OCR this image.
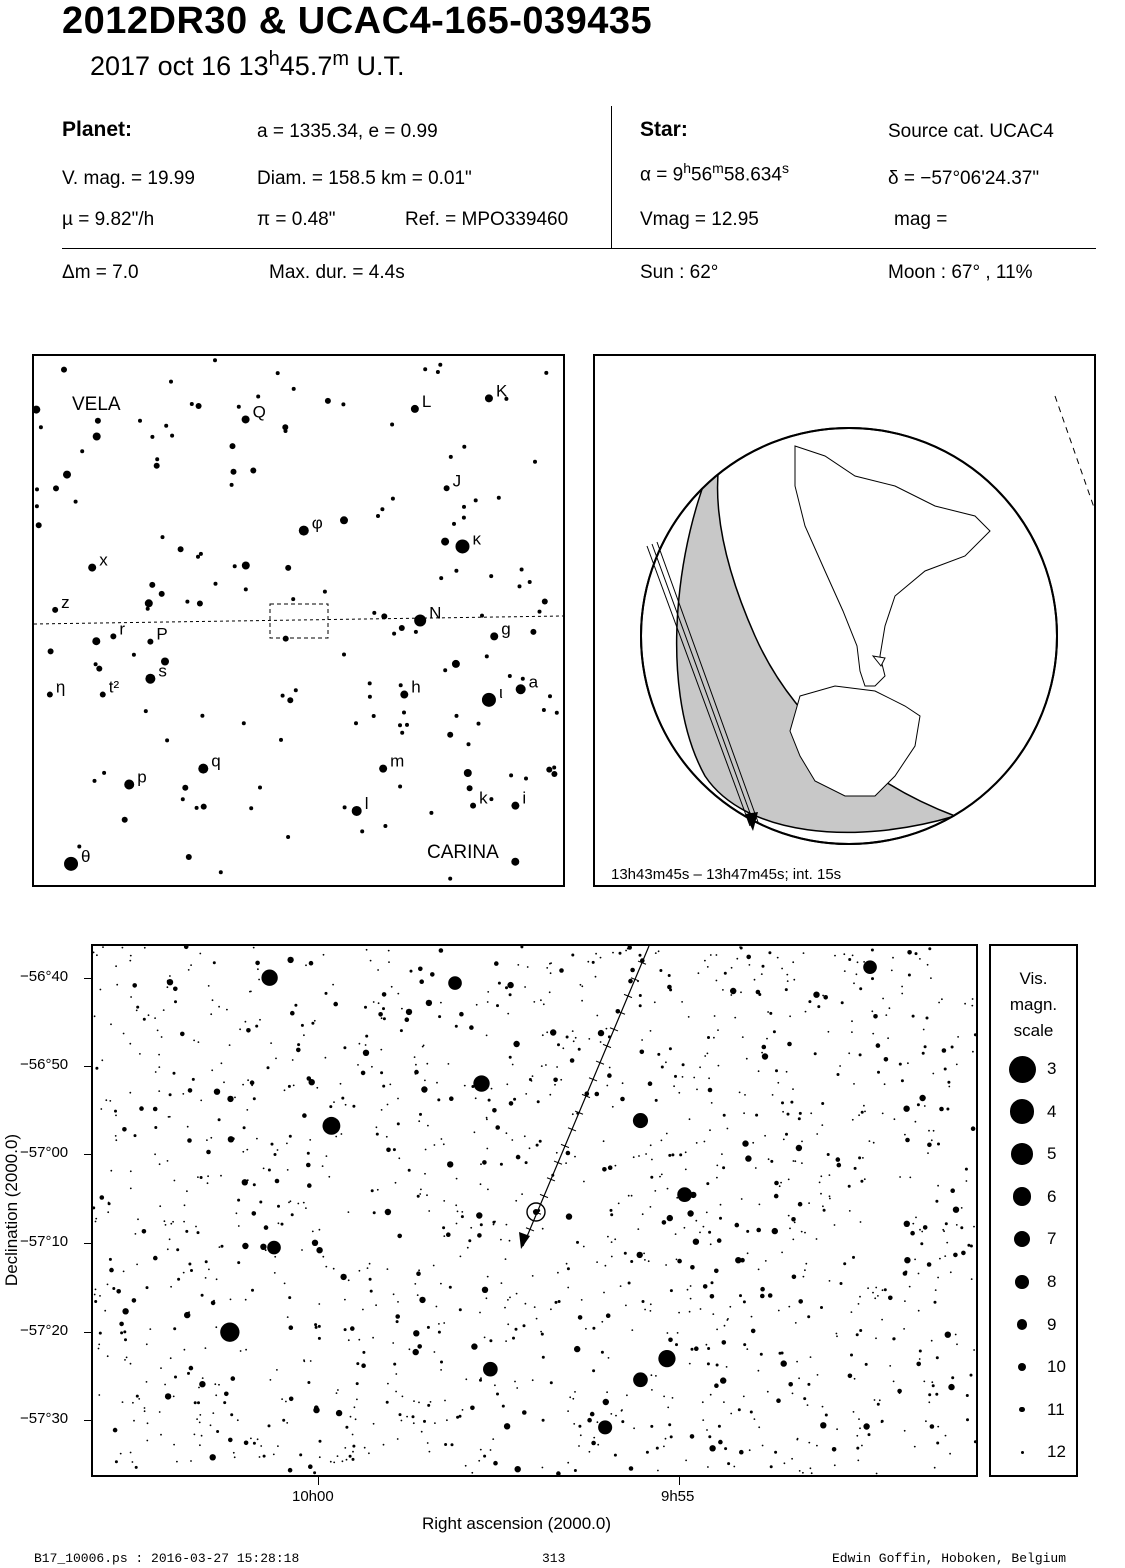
2012DR30 & UCAC4-165-039435
2017 oct 16 13$^h$45.7$^m$ U.T.
Planet:	a = 1335.34, e = 0.99
V. mag. = 19.99	Diam. = 158.5 km = 0.01"
µ = 9.82"/h	π = 0.48"	Ref. = MPO339460
Star:	Source cat. UCAC4
$\alpha = 9^h56^m58.634^s$	δ = −57°06'24.37"
Vmag = 12.95	mag =
Δm = 7.0	Max. dur. = 4.4s	Sun : 62°	Moon : 67° , 11%
Q
L
K
J
φ
κ
x
z
r P
N
g
s
η	t²	h	ι
a
q	m
p
l	k i
θ
VELA
CARINA
13h43m45s – 13h47m45s; int. 15s
−56°40
−56°50
−57°00
−57°10
−57°20
−57°30
10h00	9h55
Right ascension (2000.0)
Declination (2000.0)
Vis.
magn.
scale
3
4
5
6
7
8
9
10
11
12
B17_10006.ps : 2016-03-27 15:28:18	313	Edwin Goffin, Hoboken, Belgium
